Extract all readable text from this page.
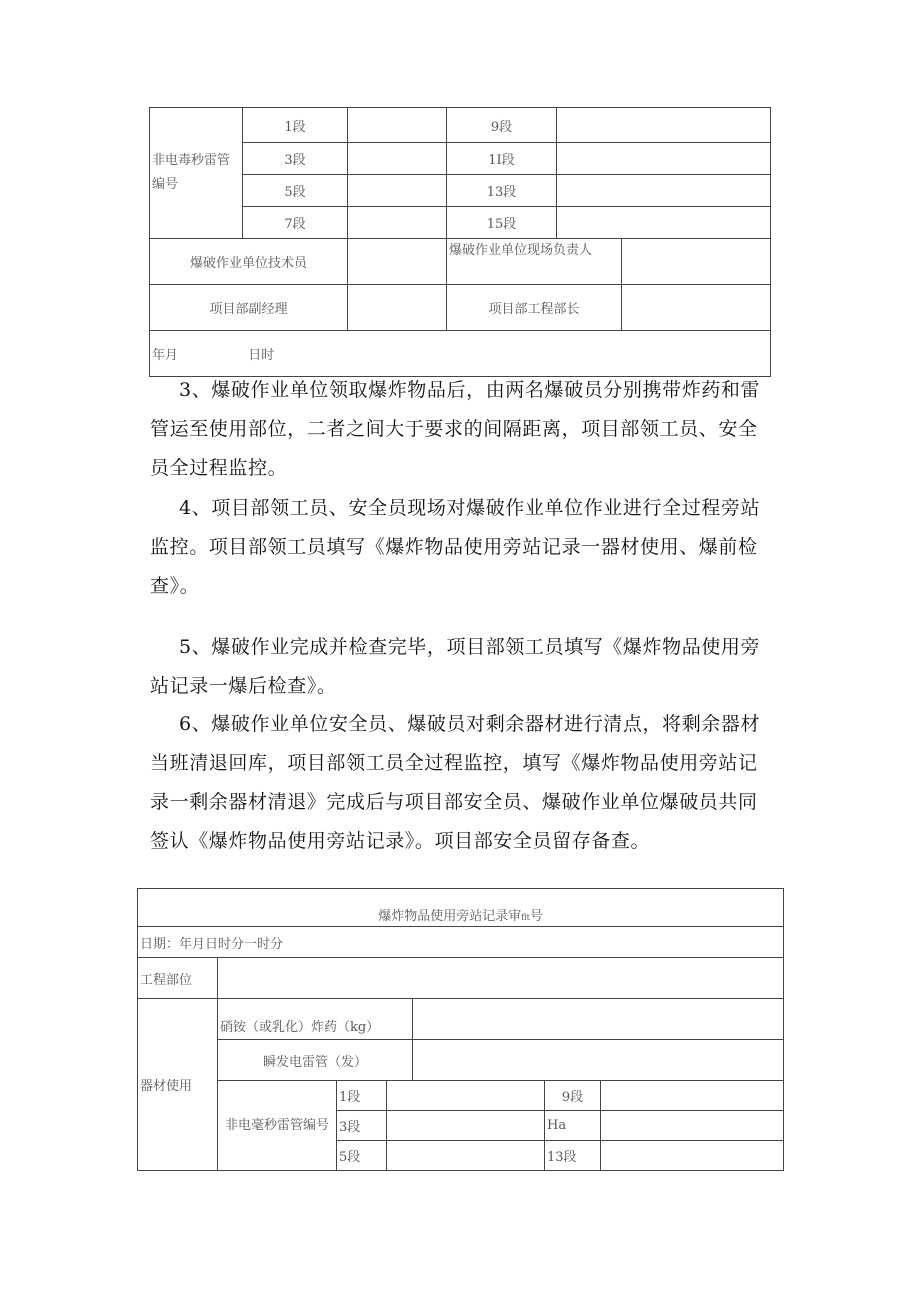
非电毒秒雷管编号	1段		9段	
3段		1I段	
5段		13段	
7段		15段	
爆破作业单位技术员		爆破作业单位现场负责人	
项目部副经理		项目部工程部长	
年月	日时

3、爆破作业单位领取爆炸物品后，由两名爆破员分别携带炸药和雷管运至使用部位，二者之间大于要求的间隔距离，项目部领工员、安全员全过程监控。

4、项目部领工员、安全员现场对爆破作业单位作业进行全过程旁站监控。项目部领工员填写《爆炸物品使用旁站记录一器材使用、爆前检查》。

5、爆破作业完成并检查完毕，项目部领工员填写《爆炸物品使用旁站记录一爆后检查》。

6、爆破作业单位安全员、爆破员对剩余器材进行清点，将剩余器材当班清退回库，项目部领工员全过程监控，填写《爆炸物品使用旁站记录一剩余器材清退》完成后与项目部安全员、爆破作业单位爆破员共同签认《爆炸物品使用旁站记录》。项目部安全员留存备查。

爆炸物品使用旁站记录审flt号
日期：年月日时分一时分
工程部位	
器材使用	硝铵（或乳化）炸药（kg）	
瞬发电雷管（发）	
非电毫秒雷管编号	1段		9段	
3段		Ha	
5段		13段	
